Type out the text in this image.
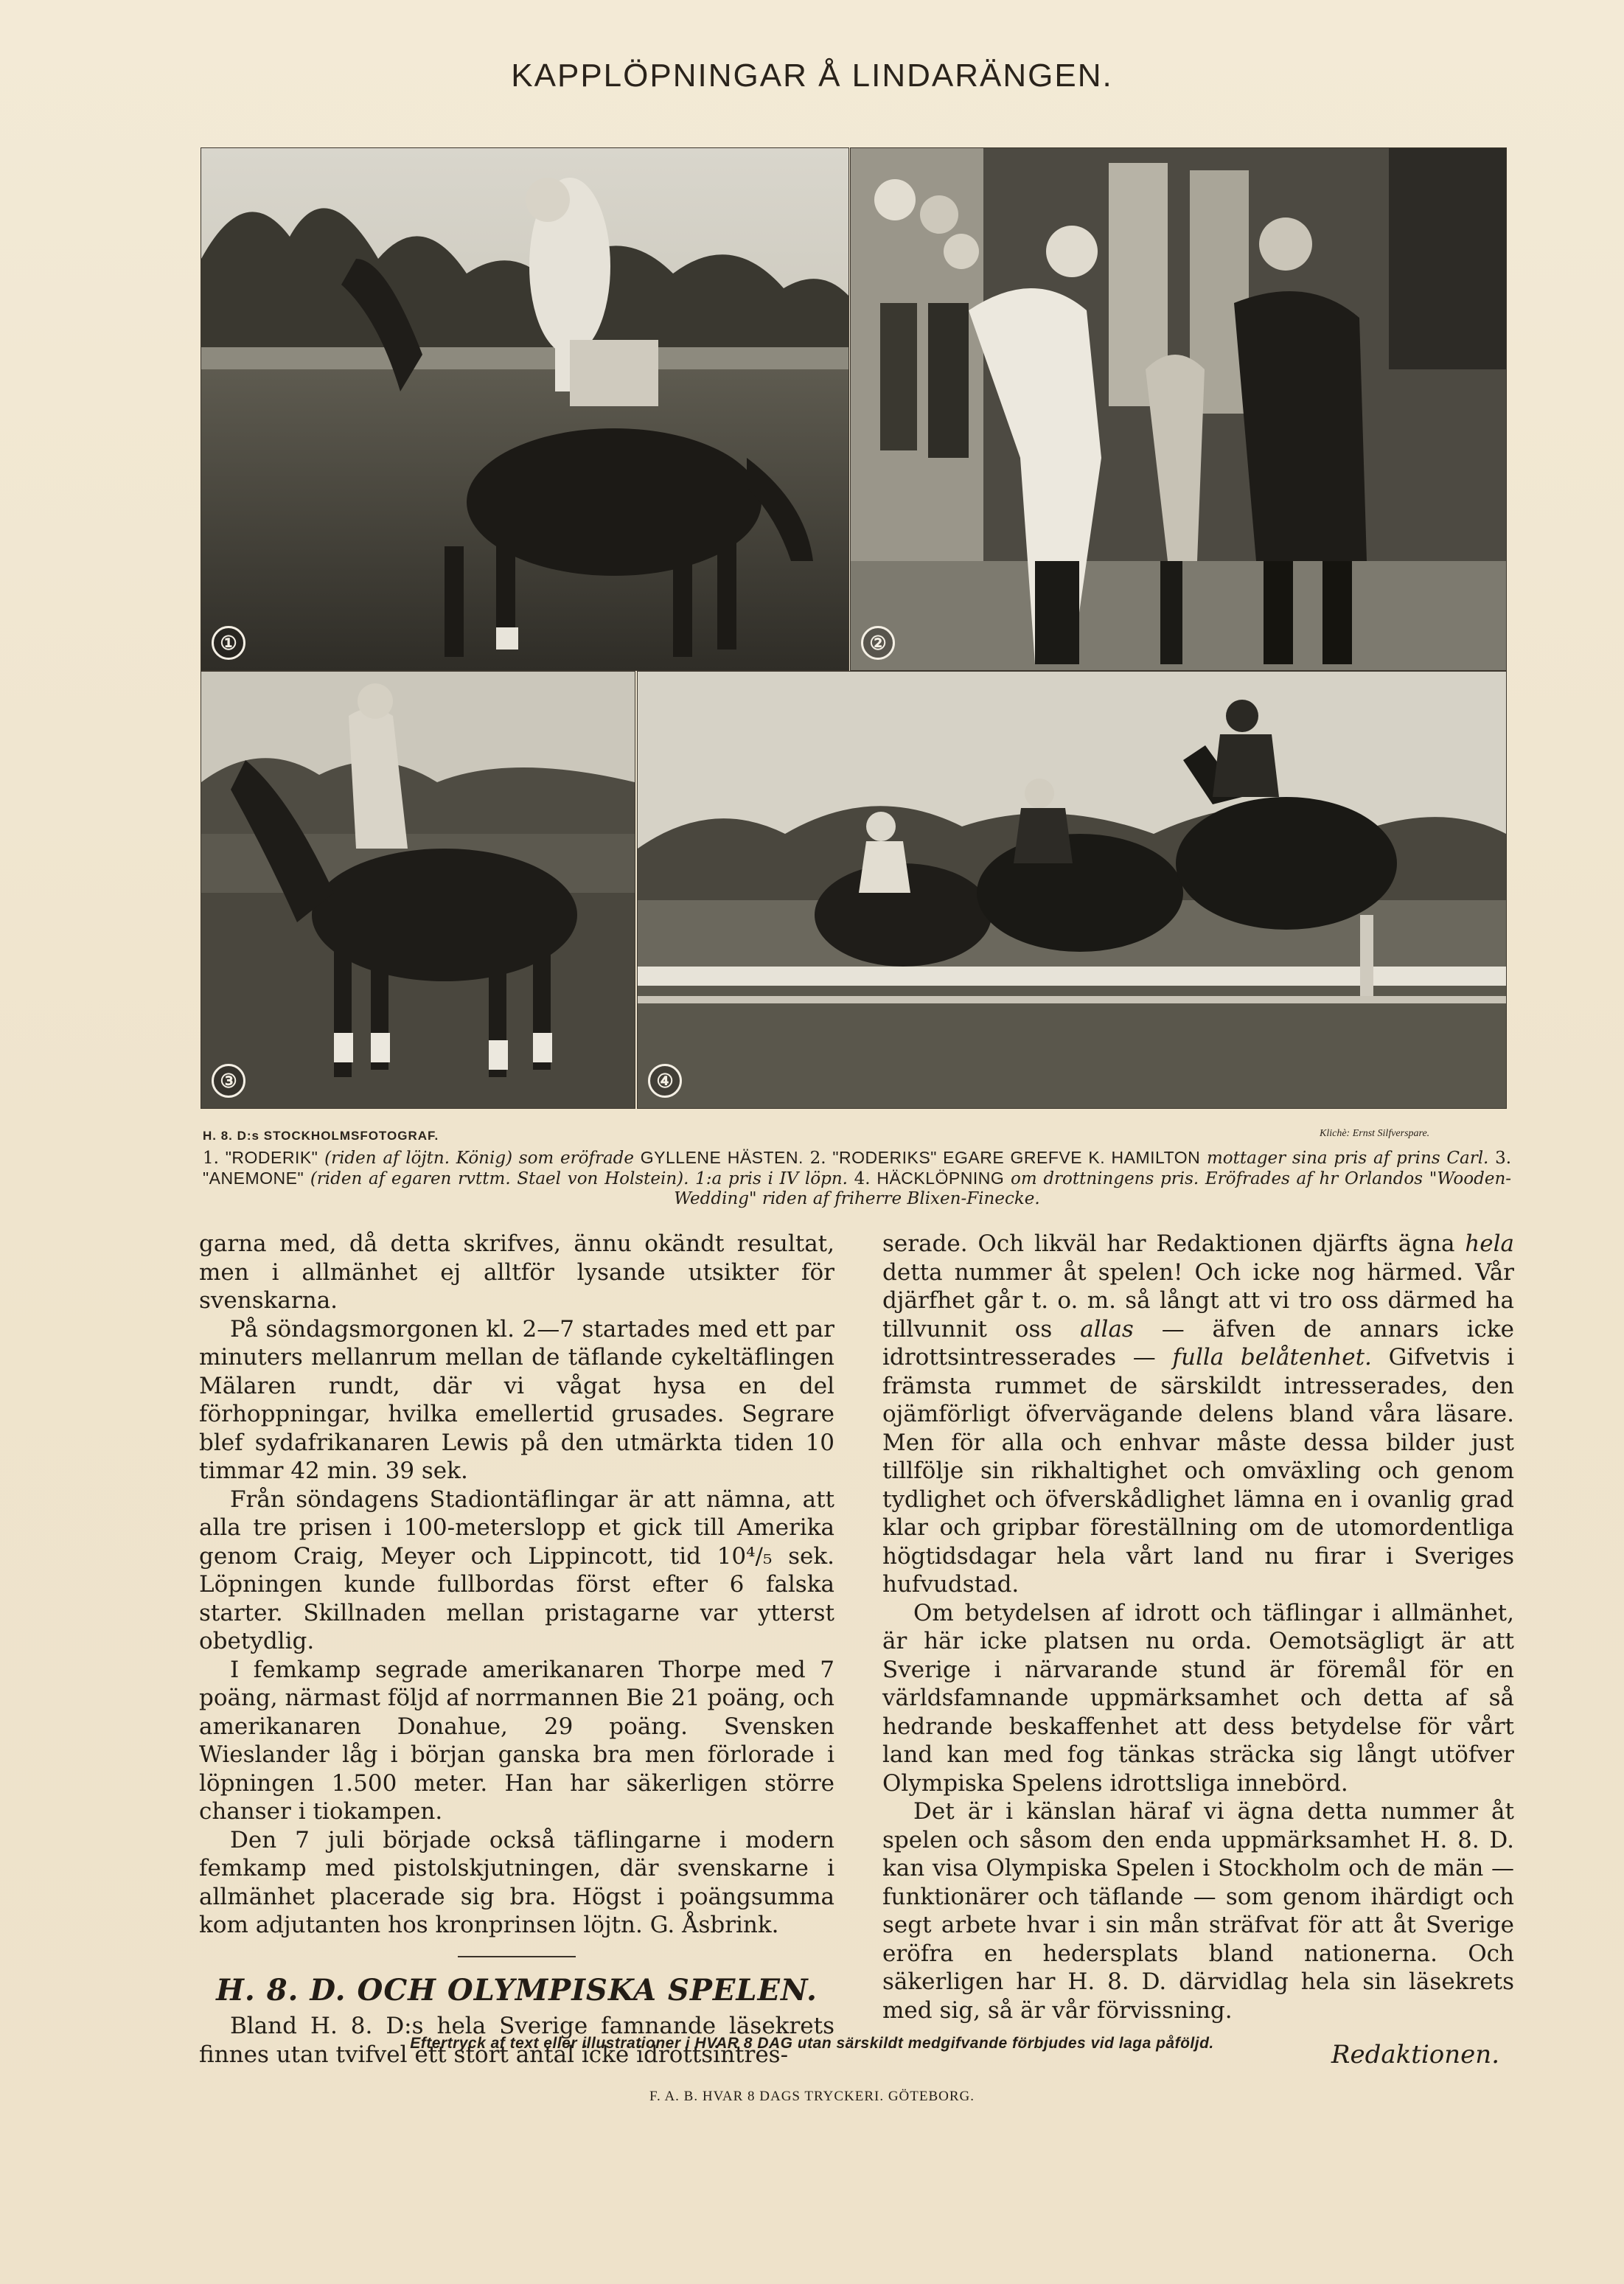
KAPPLÖPNINGAR Å LINDARÄNGEN.
①	②
③	④
H. 8. D:s STOCKHOLMSFOTOGRAF.	Klichè: Ernst Silfverspare.
1. "RODERIK" (riden af löjtn. König) som eröfrade GYLLENE HÄSTEN. 2. "RODERIKS" EGARE GREFVE K. HAMILTON mottager sina pris af prins Carl. 3. "ANEMONE" (riden af egaren rvttm. Stael von Holstein). 1:a pris i IV löpn. 4. HÄCKLÖPNING om drottningens pris. Eröfrades af hr Orlandos "Wooden-Wedding" riden af friherre Blixen-Finecke.

garna med, då detta skrifves, ännu okändt resultat, men i allmänhet ej alltför lysande utsikter för svenskarna.

På söndagsmorgonen kl. 2—7 startades med ett par minuters mellanrum mellan de täflande cykeltäflingen Mälaren rundt, där vi vågat hysa en del förhoppningar, hvilka emellertid grusades. Segrare blef sydafrikanaren Lewis på den utmärkta tiden 10 timmar 42 min. 39 sek.

Från söndagens Stadiontäflingar är att nämna, att alla tre prisen i 100-meterslopp et gick till Amerika genom Craig, Meyer och Lippincott, tid 10⁴/₅ sek. Löpningen kunde fullbordas först efter 6 falska starter. Skillnaden mellan pristagarne var ytterst obetydlig.

I femkamp segrade amerikanaren Thorpe med 7 poäng, närmast följd af norrmannen Bie 21 poäng, och amerikanaren Donahue, 29 poäng. Svensken Wieslander låg i början ganska bra men förlorade i löpningen 1.500 meter. Han har säkerligen större chanser i tiokampen.

Den 7 juli började också täflingarne i modern femkamp med pistolskjutningen, där svenskarne i allmänhet placerade sig bra. Högst i poängsumma kom adjutanten hos kronprinsen löjtn. G. Åsbrink.

H. 8. D. OCH OLYMPISKA SPELEN.

Bland H. 8. D:s hela Sverige famnande läsekrets finnes utan tvifvel ett stort antal icke idrottsintres-

serade. Och likväl har Redaktionen djärfts ägna hela detta nummer åt spelen! Och icke nog härmed. Vår djärfhet går t. o. m. så långt att vi tro oss därmed ha tillvunnit oss allas — äfven de annars icke idrottsintresserades — fulla belåtenhet. Gifvetvis i främsta rummet de särskildt intresserades, den ojämförligt öfvervägande delens bland våra läsare. Men för alla och enhvar måste dessa bilder just tillfölje sin rikhaltighet och omväxling och genom tydlighet och öfverskådlighet lämna en i ovanlig grad klar och gripbar föreställning om de utomordentliga högtidsdagar hela vårt land nu firar i Sveriges hufvudstad.

Om betydelsen af idrott och täflingar i allmänhet, är här icke platsen nu orda. Oemotsägligt är att Sverige i närvarande stund är föremål för en världsfamnande uppmärksamhet och detta af så hedrande beskaffenhet att dess betydelse för vårt land kan med fog tänkas sträcka sig långt utöfver Olympiska Spelens idrottsliga innebörd.

Det är i känslan häraf vi ägna detta nummer åt spelen och såsom den enda uppmärksamhet H. 8. D. kan visa Olympiska Spelen i Stockholm och de män — funktionärer och täflande — som genom ihärdigt och segt arbete hvar i sin mån sträfvat för att åt Sverige eröfra en hedersplats bland nationerna. Och säkerligen har H. 8. D. därvidlag hela sin läsekrets med sig, så är vår förvissning.

Redaktionen.
Eftertryck af text eller illustrationer i HVAR 8 DAG utan särskildt medgifvande förbjudes vid laga påföljd.
F. A. B. HVAR 8 DAGS TRYCKERI. GÖTEBORG.
